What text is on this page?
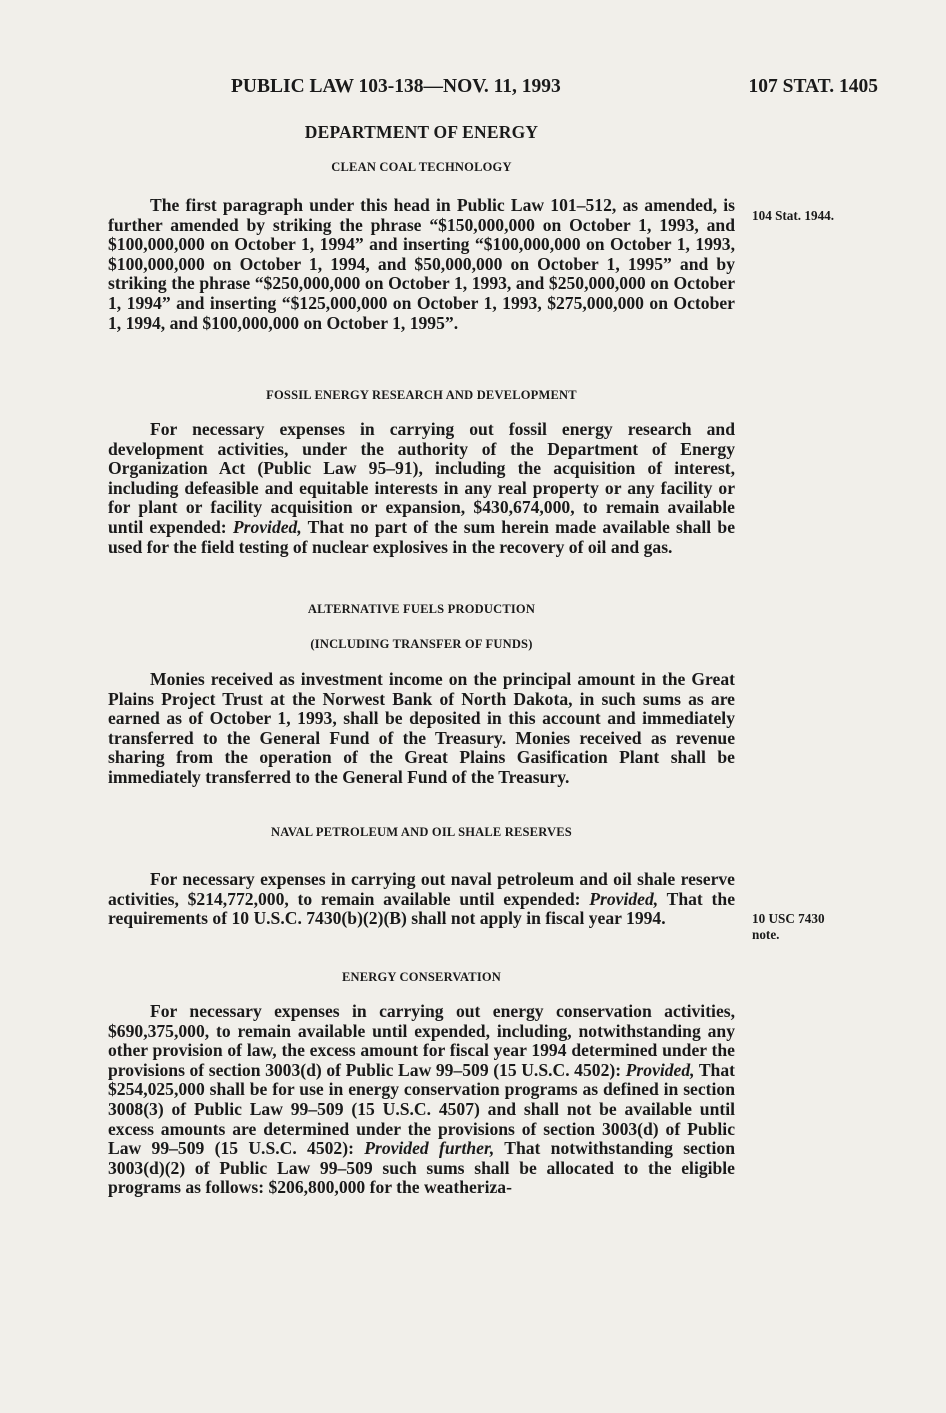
PUBLIC LAW 103-138—NOV. 11, 1993	107 STAT. 1405
DEPARTMENT OF ENERGY
CLEAN COAL TECHNOLOGY

The first paragraph under this head in Public Law 101–512, as amended, is further amended by striking the phrase “$150,000,000 on October 1, 1993, and $100,000,000 on October 1, 1994” and inserting “$100,000,000 on October 1, 1993, $100,000,000 on October 1, 1994, and $50,000,000 on October 1, 1995” and by striking the phrase “$250,000,000 on October 1, 1993, and $250,000,000 on October 1, 1994” and inserting “$125,000,000 on October 1, 1993, $275,000,000 on October 1, 1994, and $100,000,000 on October 1, 1995”.

104 Stat. 1944.
FOSSIL ENERGY RESEARCH AND DEVELOPMENT

For necessary expenses in carrying out fossil energy research and development activities, under the authority of the Department of Energy Organization Act (Public Law 95–91), including the acquisition of interest, including defeasible and equitable interests in any real property or any facility or for plant or facility acquisition or expansion, $430,674,000, to remain available until expended: Provided, That no part of the sum herein made available shall be used for the field testing of nuclear explosives in the recovery of oil and gas.

ALTERNATIVE FUELS PRODUCTION
(INCLUDING TRANSFER OF FUNDS)

Monies received as investment income on the principal amount in the Great Plains Project Trust at the Norwest Bank of North Dakota, in such sums as are earned as of October 1, 1993, shall be deposited in this account and immediately transferred to the General Fund of the Treasury. Monies received as revenue sharing from the operation of the Great Plains Gasification Plant shall be immediately transferred to the General Fund of the Treasury.

NAVAL PETROLEUM AND OIL SHALE RESERVES

For necessary expenses in carrying out naval petroleum and oil shale reserve activities, $214,772,000, to remain available until expended: Provided, That the requirements of 10 U.S.C. 7430(b)(2)(B) shall not apply in fiscal year 1994.	10 USC 7430
note.
ENERGY CONSERVATION

For necessary expenses in carrying out energy conservation activities, $690,375,000, to remain available until expended, including, notwithstanding any other provision of law, the excess amount for fiscal year 1994 determined under the provisions of section 3003(d) of Public Law 99–509 (15 U.S.C. 4502): Provided, That $254,025,000 shall be for use in energy conservation programs as defined in section 3008(3) of Public Law 99–509 (15 U.S.C. 4507) and shall not be available until excess amounts are determined under the provisions of section 3003(d) of Public Law 99–509 (15 U.S.C. 4502): Provided further, That notwithstanding section 3003(d)(2) of Public Law 99–509 such sums shall be allocated to the eligible programs as follows: $206,800,000 for the weatheriza-
